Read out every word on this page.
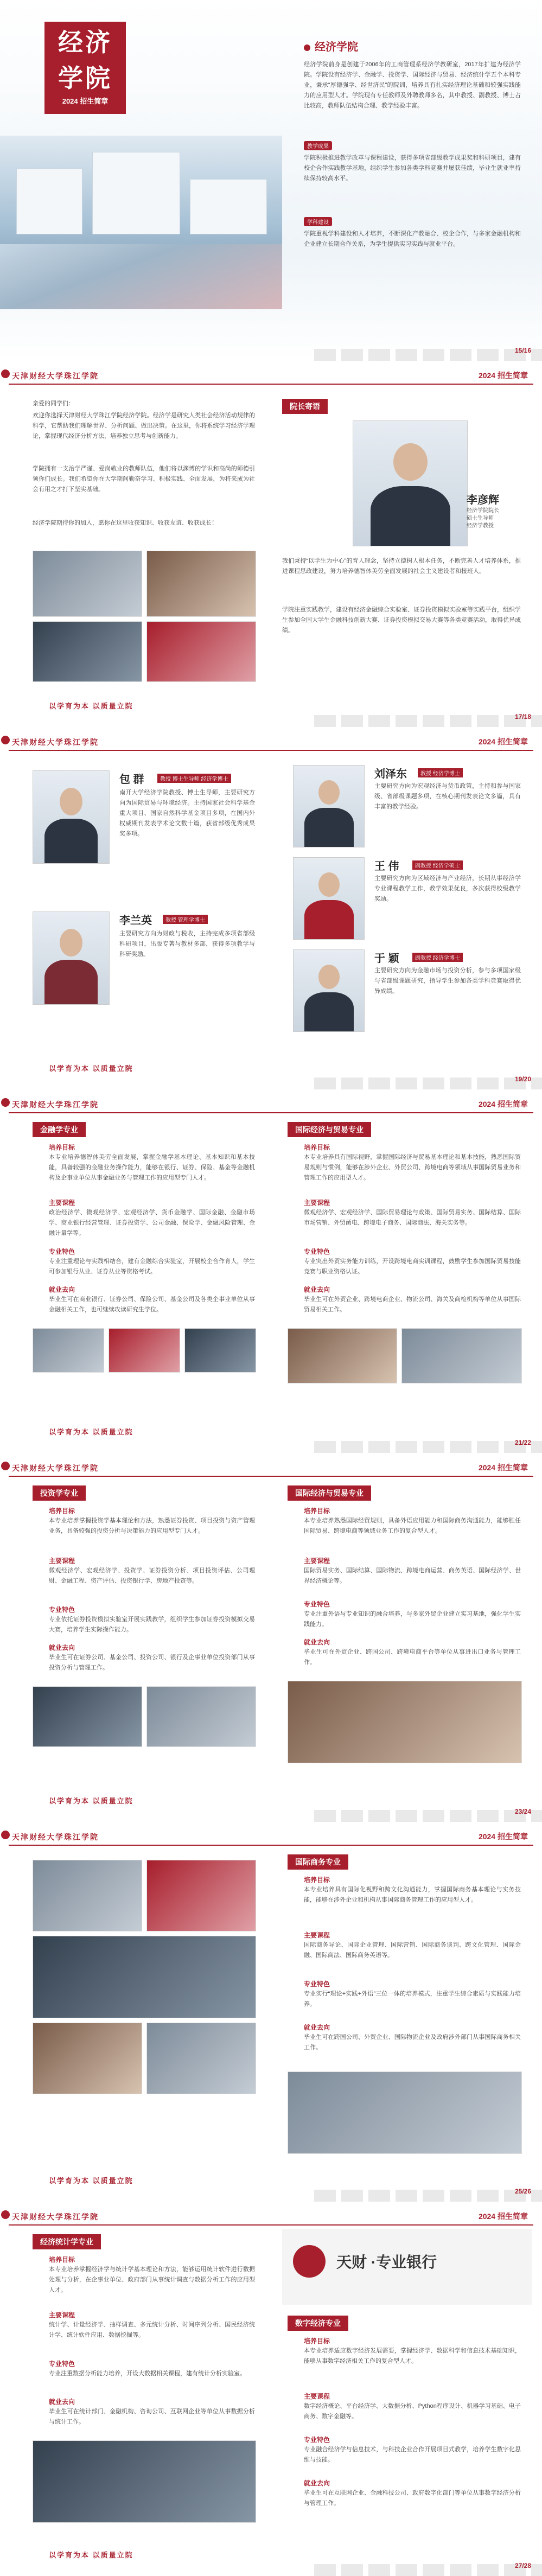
经济
学院
2024 招生简章
经济学院
经济学院前身是创建于2006年的工商管理系经济学教研室，2017年扩建为经济学院。学院设有经济学、金融学、投资学、国际经济与贸易、经济统计学五个本科专业，秉承“厚德强学、经世济民”的院训，培养具有扎实经济理论基础和较强实践能力的应用型人才。学院现有专任教师及外聘教师多名，其中教授、副教授、博士占比较高，教师队伍结构合理、教学经验丰富。
教学成果
学院积极推进教学改革与课程建设，获得多项省部级教学成果奖和科研项目，建有校企合作实践教学基地，组织学生参加各类学科竞赛并屡获佳绩，毕业生就业率持续保持较高水平。
学科建设
学院重视学科建设和人才培养，不断深化产教融合、校企合作，与多家金融机构和企业建立长期合作关系，为学生提供实习实践与就业平台。
15/16
天津财经大学珠江学院	2024 招生简章
院长寄语
李彦辉
经济学院院长
硕士生导师
经济学教授
亲爱的同学们：
欢迎你选择天津财经大学珠江学院经济学院。经济学是研究人类社会经济活动规律的科学，它帮助我们理解世界、分析问题、做出决策。在这里，你将系统学习经济学理论，掌握现代经济分析方法，培养独立思考与创新能力。
学院拥有一支治学严谨、爱岗敬业的教师队伍，他们将以渊博的学识和高尚的师德引领你们成长。我们希望你在大学期间勤奋学习、积极实践、全面发展，为将来成为社会有用之才打下坚实基础。
经济学院期待你的加入，愿你在这里收获知识、收获友谊、收获成长！
我们秉持“以学生为中心”的育人理念，坚持立德树人根本任务，不断完善人才培养体系，推进课程思政建设，努力培养德智体美劳全面发展的社会主义建设者和接班人。
学院注重实践教学，建设有经济金融综合实验室、证券投资模拟实验室等实践平台，组织学生参加全国大学生金融科技创新大赛、证券投资模拟交易大赛等各类竞赛活动，取得优异成绩。
以学育为本 以质量立院
17/18
天津财经大学珠江学院	2024 招生简章
包 群	教授 博士生导师 经济学博士
南开大学经济学院教授、博士生导师，主要研究方向为国际贸易与环境经济。主持国家社会科学基金重大项目、国家自然科学基金项目多项，在国内外权威期刊发表学术论文数十篇，获省部级优秀成果奖多项。
李兰英	教授 管理学博士
主要研究方向为财政与税收，主持完成多项省部级科研项目，出版专著与教材多部，获得多项教学与科研奖励。
刘泽东	教授 经济学博士
主要研究方向为宏观经济与货币政策，主持和参与国家级、省部级课题多项，在核心期刊发表论文多篇，具有丰富的教学经验。
王 伟	副教授 经济学硕士
主要研究方向为区域经济与产业经济，长期从事经济学专业课程教学工作，教学效果优良，多次获得校级教学奖励。
于 颖	副教授 经济学博士
主要研究方向为金融市场与投资分析，参与多项国家级与省部级课题研究，指导学生参加各类学科竞赛取得优异成绩。
以学育为本 以质量立院
19/20
天津财经大学珠江学院	2024 招生简章
金融学专业
培养目标
本专业培养德智体美劳全面发展，掌握金融学基本理论、基本知识和基本技能，具备较强的金融业务操作能力，能够在银行、证券、保险、基金等金融机构及企事业单位从事金融业务与管理工作的应用型专门人才。
主要课程
政治经济学、微观经济学、宏观经济学、货币金融学、国际金融、金融市场学、商业银行经营管理、证券投资学、公司金融、保险学、金融风险管理、金融计量学等。
专业特色
专业注重理论与实践相结合，建有金融综合实验室，开展校企合作育人，学生可参加银行从业、证券从业等资格考试。
就业去向
毕业生可在商业银行、证券公司、保险公司、基金公司及各类企事业单位从事金融相关工作，也可继续攻读研究生学位。
国际经济与贸易专业
培养目标
本专业培养具有国际视野，掌握国际经济与贸易基本理论和基本技能，熟悉国际贸易规则与惯例，能够在涉外企业、外贸公司、跨境电商等领域从事国际贸易业务和管理工作的应用型人才。
主要课程
微观经济学、宏观经济学、国际贸易理论与政策、国际贸易实务、国际结算、国际市场营销、外贸函电、跨境电子商务、国际商法、海关实务等。
专业特色
专业突出外贸实务能力训练，开设跨境电商实训课程，鼓励学生参加国际贸易技能竞赛与职业资格认证。
就业去向
毕业生可在外贸企业、跨境电商企业、物流公司、海关及商检机构等单位从事国际贸易相关工作。
以学育为本 以质量立院
21/22
天津财经大学珠江学院	2024 招生简章
投资学专业
培养目标
本专业培养掌握投资学基本理论和方法，熟悉证券投资、项目投资与资产管理业务，具备较强的投资分析与决策能力的应用型专门人才。
主要课程
微观经济学、宏观经济学、投资学、证券投资分析、项目投资评估、公司理财、金融工程、资产评估、投资银行学、房地产投资等。
专业特色
专业依托证券投资模拟实验室开展实践教学，组织学生参加证券投资模拟交易大赛，培养学生实际操作能力。
就业去向
毕业生可在证券公司、基金公司、投资公司、银行及企事业单位投资部门从事投资分析与管理工作。
国际经济与贸易专业
培养目标
本专业培养熟悉国际经贸规则，具备外语应用能力和国际商务沟通能力，能够胜任国际贸易、跨境电商等领域业务工作的复合型人才。
主要课程
国际贸易实务、国际结算、国际物流、跨境电商运营、商务英语、国际经济学、世界经济概论等。
专业特色
专业注重外语与专业知识的融合培养，与多家外贸企业建立实习基地，强化学生实践能力。
就业去向
毕业生可在外贸企业、跨国公司、跨境电商平台等单位从事进出口业务与管理工作。
以学育为本 以质量立院
23/24
天津财经大学珠江学院	2024 招生简章
国际商务专业
培养目标
本专业培养具有国际化视野和跨文化沟通能力，掌握国际商务基本理论与实务技能，能够在涉外企业和机构从事国际商务管理工作的应用型人才。
主要课程
国际商务导论、国际企业管理、国际营销、国际商务谈判、跨文化管理、国际金融、国际商法、国际商务英语等。
专业特色
专业实行“理论+实践+外语”三位一体的培养模式，注重学生综合素质与实践能力培养。
就业去向
毕业生可在跨国公司、外贸企业、国际物流企业及政府涉外部门从事国际商务相关工作。
以学育为本 以质量立院
25/26
天津财经大学珠江学院	2024 招生简章
经济统计学专业
培养目标
本专业培养掌握经济学与统计学基本理论和方法，能够运用统计软件进行数据处理与分析，在企事业单位、政府部门从事统计调查与数据分析工作的应用型人才。
主要课程
统计学、计量经济学、抽样调查、多元统计分析、时间序列分析、国民经济统计学、统计软件应用、数据挖掘等。
专业特色
专业注重数据分析能力培养，开设大数据相关课程，建有统计分析实验室。
就业去向
毕业生可在统计部门、金融机构、咨询公司、互联网企业等单位从事数据分析与统计工作。
天财 ·专业银行
数字经济专业
培养目标
本专业培养适应数字经济发展需要，掌握经济学、数据科学和信息技术基础知识，能够从事数字经济相关工作的复合型人才。
主要课程
数字经济概论、平台经济学、大数据分析、Python程序设计、机器学习基础、电子商务、数字金融等。
专业特色
专业融合经济学与信息技术，与科技企业合作开展项目式教学，培养学生数字化思维与技能。
就业去向
毕业生可在互联网企业、金融科技公司、政府数字化部门等单位从事数字经济分析与管理工作。
以学育为本 以质量立院
27/28
